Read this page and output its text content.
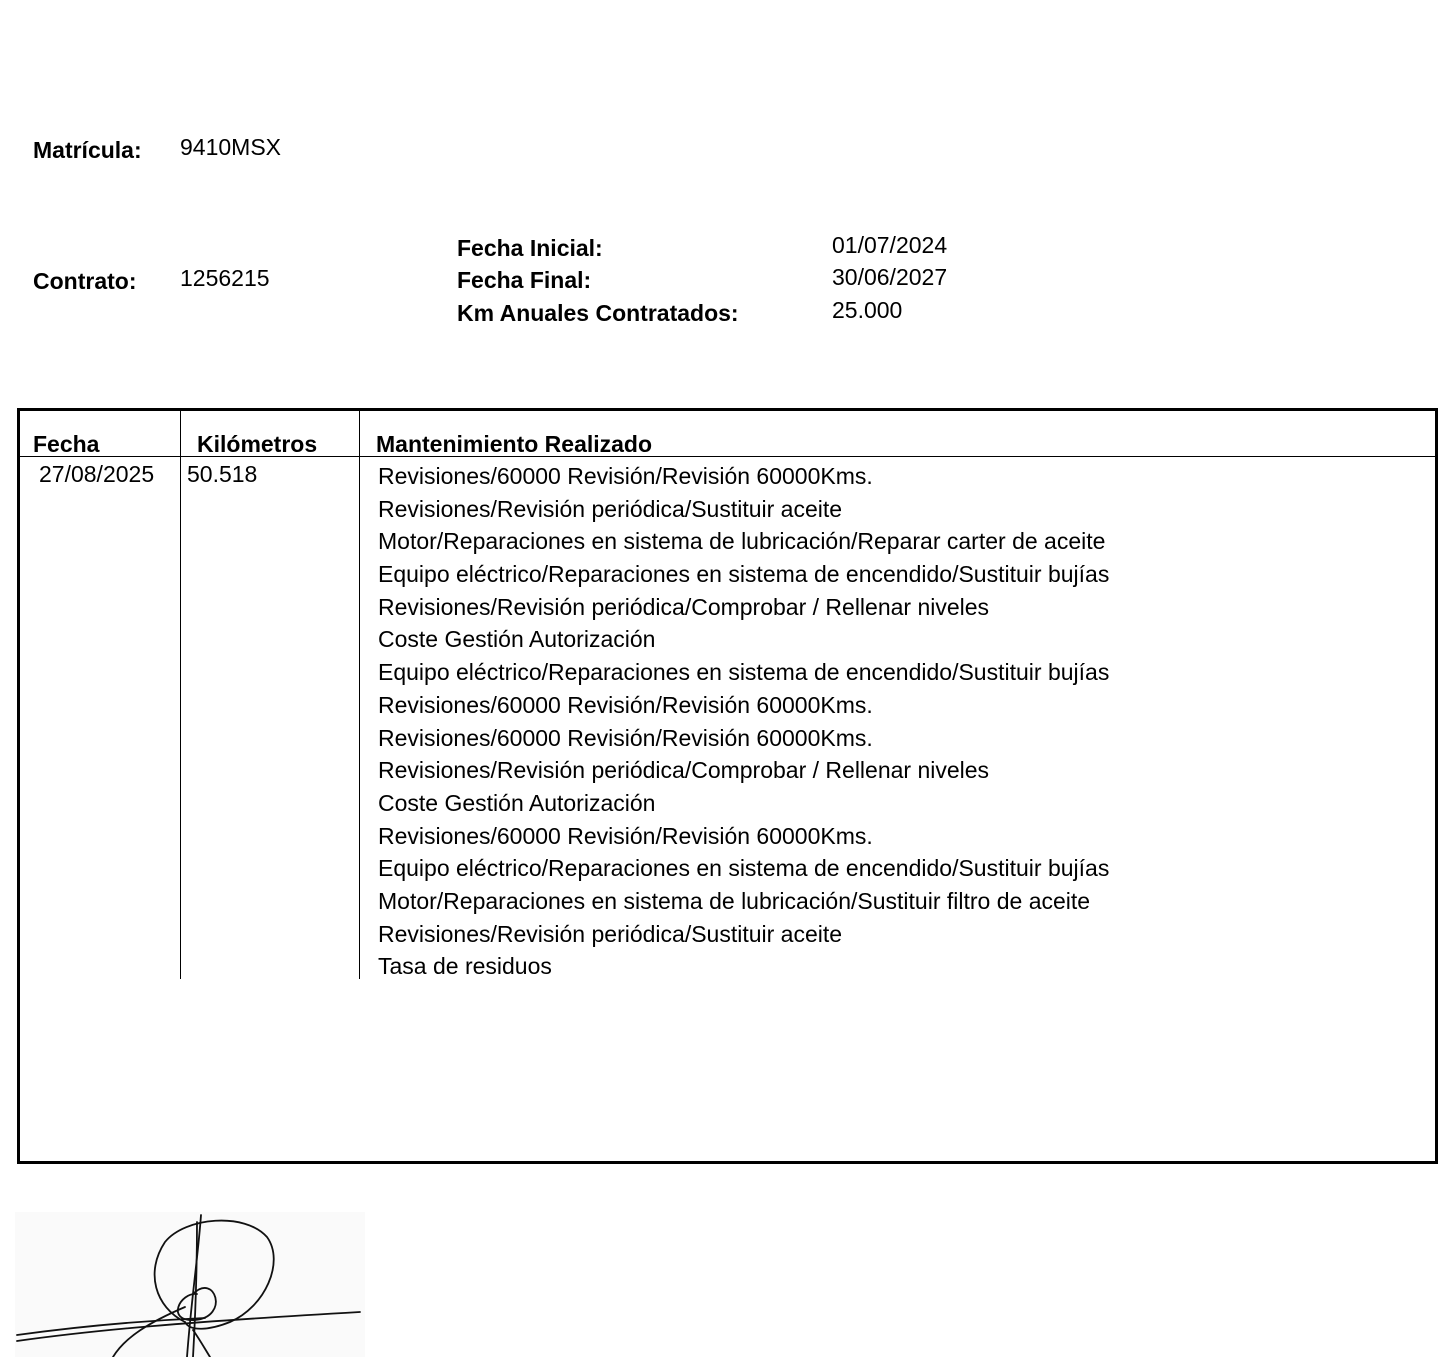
Matrícula: 9410MSX
Contrato: 1256215
Fecha Inicial:	01/07/2024
Fecha Final:	30/06/2027
Km Anuales Contratados:	25.000
Fecha	Kilómetros	Mantenimiento Realizado
27/08/2025 50.518	Revisiones/60000 Revisión/Revisión 60000Kms.
Revisiones/Revisión periódica/Sustituir aceite
Motor/Reparaciones en sistema de lubricación/Reparar carter de aceite
Equipo eléctrico/Reparaciones en sistema de encendido/Sustituir bujías
Revisiones/Revisión periódica/Comprobar / Rellenar niveles
Coste Gestión Autorización
Equipo eléctrico/Reparaciones en sistema de encendido/Sustituir bujías
Revisiones/60000 Revisión/Revisión 60000Kms.
Revisiones/60000 Revisión/Revisión 60000Kms.
Revisiones/Revisión periódica/Comprobar / Rellenar niveles
Coste Gestión Autorización
Revisiones/60000 Revisión/Revisión 60000Kms.
Equipo eléctrico/Reparaciones en sistema de encendido/Sustituir bujías
Motor/Reparaciones en sistema de lubricación/Sustituir filtro de aceite
Revisiones/Revisión periódica/Sustituir aceite
Tasa de residuos
